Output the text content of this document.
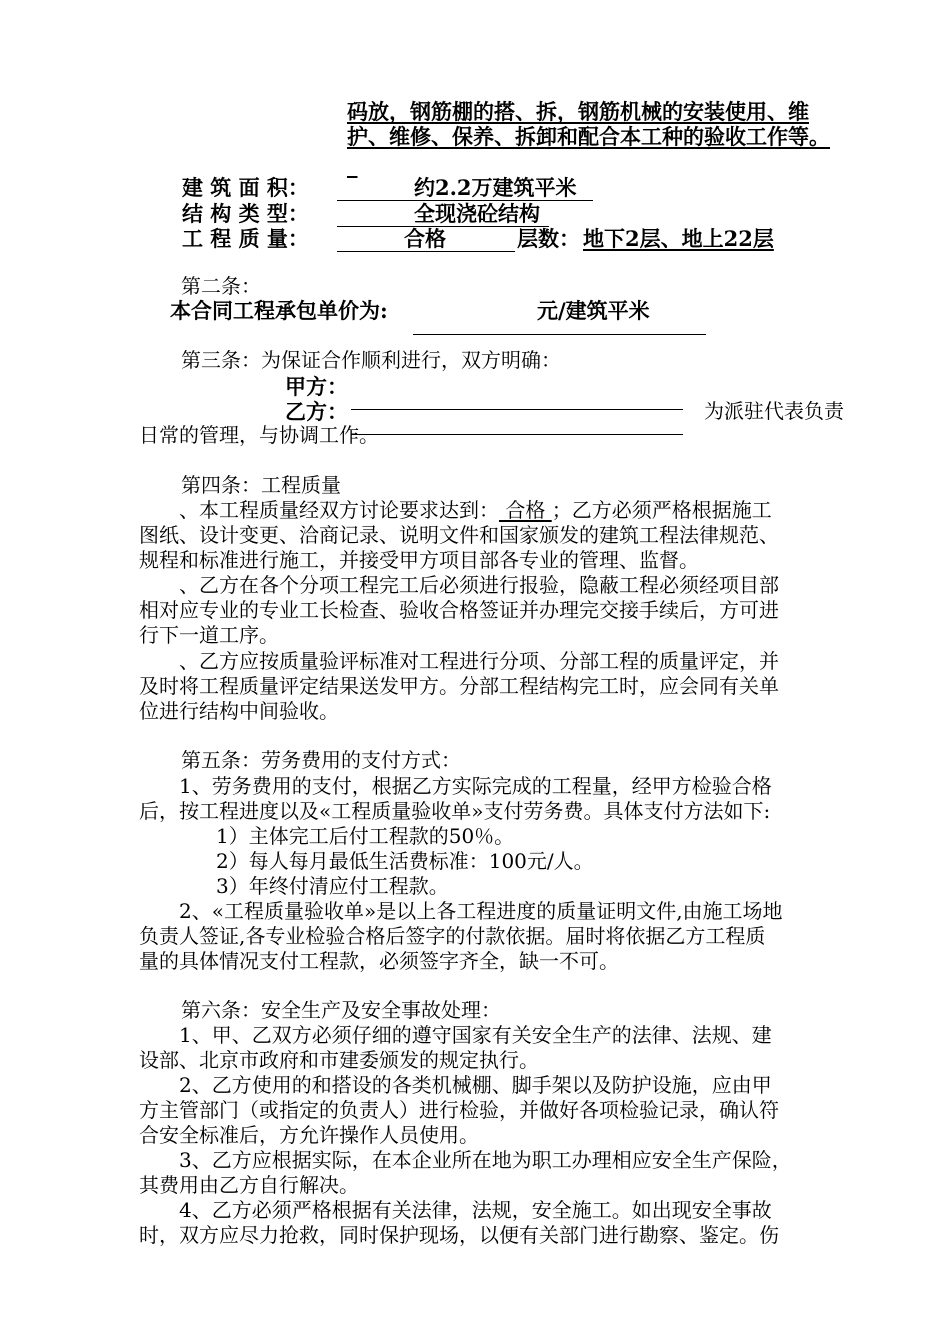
码放，钢筋棚的搭、拆，钢筋机械的安装使用、维
护、维修、保养、拆卸和配合本工种的验收工作等。
_
建 筑 面 积：	约2.2万建筑平米
结 构 类 型：	全现浇砼结构
工 程 质 量：	合格	层数： 地下2层、地上22层
第二条：
本合同工程承包单价为:	元/建筑平米
第三条：为保证合作顺利进行，双方明确：
甲方：
乙方：	为派驻代表负责
日常的管理，与协调工作。
第四条：工程质量
、本工程质量经双方讨论要求达到： 合格 ；乙方必须严格根据施工
图纸、设计变更、洽商记录、说明文件和国家颁发的建筑工程法律规范、
规程和标准进行施工，并接受甲方项目部各专业的管理、监督。
、乙方在各个分项工程完工后必须进行报验，隐蔽工程必须经项目部
相对应专业的专业工长检查、验收合格签证并办理完交接手续后，方可进
行下一道工序。
、乙方应按质量验评标准对工程进行分项、分部工程的质量评定，并
及时将工程质量评定结果送发甲方。分部工程结构完工时，应会同有关单
位进行结构中间验收。
第五条：劳务费用的支付方式：
1、劳务费用的支付，根据乙方实际完成的工程量，经甲方检验合格
后，按工程进度以及«工程质量验收单»支付劳务费。具体支付方法如下:
1）主体完工后付工程款的50％。
2）每人每月最低生活费标准：100元/人。
3）年终付清应付工程款。
2、«工程质量验收单»是以上各工程进度的质量证明文件,由施工场地
负责人签证,各专业检验合格后签字的付款依据。届时将依据乙方工程质
量的具体情况支付工程款，必须签字齐全，缺一不可。
第六条：安全生产及安全事故处理：
1、甲、乙双方必须仔细的遵守国家有关安全生产的法律、法规、建
设部、北京市政府和市建委颁发的规定执行。
2、乙方使用的和搭设的各类机械棚、脚手架以及防护设施，应由甲
方主管部门（或指定的负责人）进行检验，并做好各项检验记录，确认符
合安全标准后，方允许操作人员使用。
3、乙方应根据实际，在本企业所在地为职工办理相应安全生产保险，
其费用由乙方自行解决。
4、乙方必须严格根据有关法律，法规，安全施工。如出现安全事故
时，双方应尽力抢救，同时保护现场，以便有关部门进行勘察、鉴定。伤
